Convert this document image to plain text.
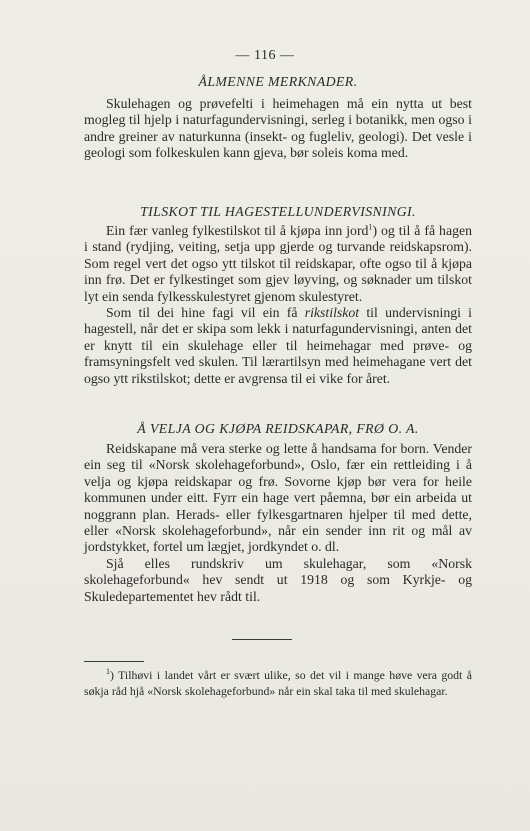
— 116 —
ÅLMENNE MERKNADER.

Skulehagen og prøvefelti i heimehagen må ein nytta ut best mogleg til hjelp i naturfagundervisningi, serleg i botanikk, men ogso i andre greiner av naturkunna (insekt- og fugleliv, geologi). Det vesle i geologi som folkeskulen kann gjeva, bør soleis koma med.

TILSKOT TIL HAGESTELLUNDERVISNINGI.

Ein fær vanleg fylkestilskot til å kjøpa inn jord$^1$) og til å få hagen i stand (rydjing, veiting, setja upp gjerde og turvande reidskapsrom). Som regel vert det ogso ytt tilskot til reidskapar, ofte ogso til å kjøpa inn frø. Det er fylkestinget som gjev løyving, og søknader um tilskot lyt ein senda fylkesskulestyret gjenom skulestyret.

Som til dei hine fagi vil ein få rikstilskot til undervisningi i hagestell, når det er skipa som lekk i naturfagundervisningi, anten det er knytt til ein skulehage eller til heimehagar med prøve- og framsyningsfelt ved skulen. Til lærartilsyn med heimehagane vert det ogso ytt rikstilskot; dette er avgrensa til ei vike for året.

Å VELJA OG KJØPA REIDSKAPAR, FRØ O. A.

Reidskapane må vera sterke og lette å handsama for born. Vender ein seg til «Norsk skolehageforbund», Oslo, fær ein rettleiding i å velja og kjøpa reidskapar og frø. Sovorne kjøp bør vera for heile kommunen under eitt. Fyrr ein hage vert påemna, bør ein arbeida ut noggrann plan. Herads- eller fylkesgartnaren hjelper til med dette, eller «Norsk skolehageforbund», når ein sender inn rit og mål av jordstykket, fortel um lægjet, jordkyndet o. dl.

Sjå elles rundskriv um skulehagar, som «Norsk skolehageforbund« hev sendt ut 1918 og som Kyrkje- og Skuledepartementet hev rådt til.

$^1$) Tilhøvi i landet vårt er svært ulike, so det vil i mange høve vera godt å søkja råd hjå «Norsk skolehageforbund» når ein skal taka til med skulehagar.
